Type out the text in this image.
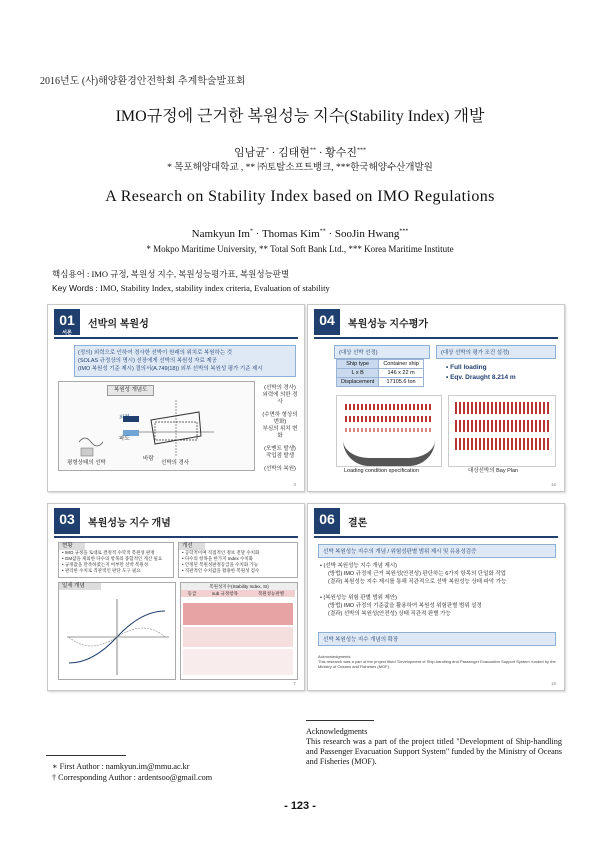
2016년도 (사)해양환경안전학회 추계학술발표회
IMO규정에 근거한 복원성능 지수(Stability Index) 개발
임남균* · 김태현** · 황수진***
* 목포해양대학교 , ** ㈜토탈소프트뱅크, ***한국해양수산개발원
A Research on Stability Index based on IMO Regulations
Namkyun Im* · Thomas Kim** · SooJin Hwang***
* Mokpo Maritime University, ** Total Soft Bank Ltd., *** Korea Maritime Institute
핵심용어 : IMO 규정, 복원성 지수, 복원성능평가표, 복원성능판별
Key Words : IMO, Stability Index, stability index criteria, Evaluation of stability
01
서론
선박의 복원성
(정의) 외력으로 인하여 경사한 선박이 원래의 위치로 복원하는 것
(SOLAS 규정상의 명시) 선장에게 선박의 복원성 자료 제공
(IMO 복원성 기준 제시) 결의서(A.749(18)) 외부 선박의 복원성 평가 기준 제시
복원성 개념도
외력
파도
바람
선박의 경사
평형상태의 선박
(선박의 경사)
외력에 의한 경사
(수면하 형상의 변화)
부심의 위치 변화
(모멘트 발생)
작업점 발생
(선박의 복원)
3
04	복원성능 지수평가
(대상 선박 선정)	(대상 선박의 평가 조건 설정)
Ship type	Container ship
L x B	146 x 22 m
Displacement	17105.6 ton
• Full loading
• Eqv. Draught 8.214 m
Loading condition specification	대상선박의 Bay Plan
16
03	복원성능 지수 개념
현황
• IMO 규정을 토대로 결정적 수학적 복원성 판정
• GM값을 제외한 다수의 항목의 종합적인 계산 필요
• 규정값을 만족하였는지 여부만 선박 복원성
• 관리한 수치로 직관적인 판단 도구 필요
개선
• 공학적이며 직접적인 정보 전달 수치화
• 다수의 항목을 한가지 Index 수치화
• 안정된 복원성판정등급을 수치화 가능
• 직관적인 수치값을 활용한 복원성 검수
일세 개념	복원성지수(Stability Index, SI)
등급	sub 규정항목	복원성능판별
7
06	결론
선박 복원성능 지수의 개념 / 위험성판별 범위 제시 및 유용성검증
• (선박 복원성능 지수 개념 제시)
(방법) IMO 규정에 근거 복원성(안전성) 판단하는 6가지 항목의 단일화 작업
(결과) 복원성능 지수 제시를 통해 직관적으로 선박 복원성능 상태 파악 가능
• (복원성능 위험 판별 범위 제안)
(방법) IMO 규정의 기준값을 활용하여 복원성 위험판별 범위 설정
(결과) 선박의 복원성(안전성) 상태 직관적 판별 가능
선박 복원성능 지수 개념의 확장
Acknowledgments
This research was a part of the project titled 'Development of Ship-handling and Passenger Evacuation Support System' funded by the Ministry of Oceans and Fisheries (MOF).
18
Acknowledgments
This research was a part of the project titled "Development of Ship-handling and Passenger Evacuation Support System" funded by the Ministry of Oceans and Fisheries (MOF).
∗ First Author : namkyun.im@mmu.ac.kr
† Corresponding Author : ardentsoo@gmail.com
- 123 -
